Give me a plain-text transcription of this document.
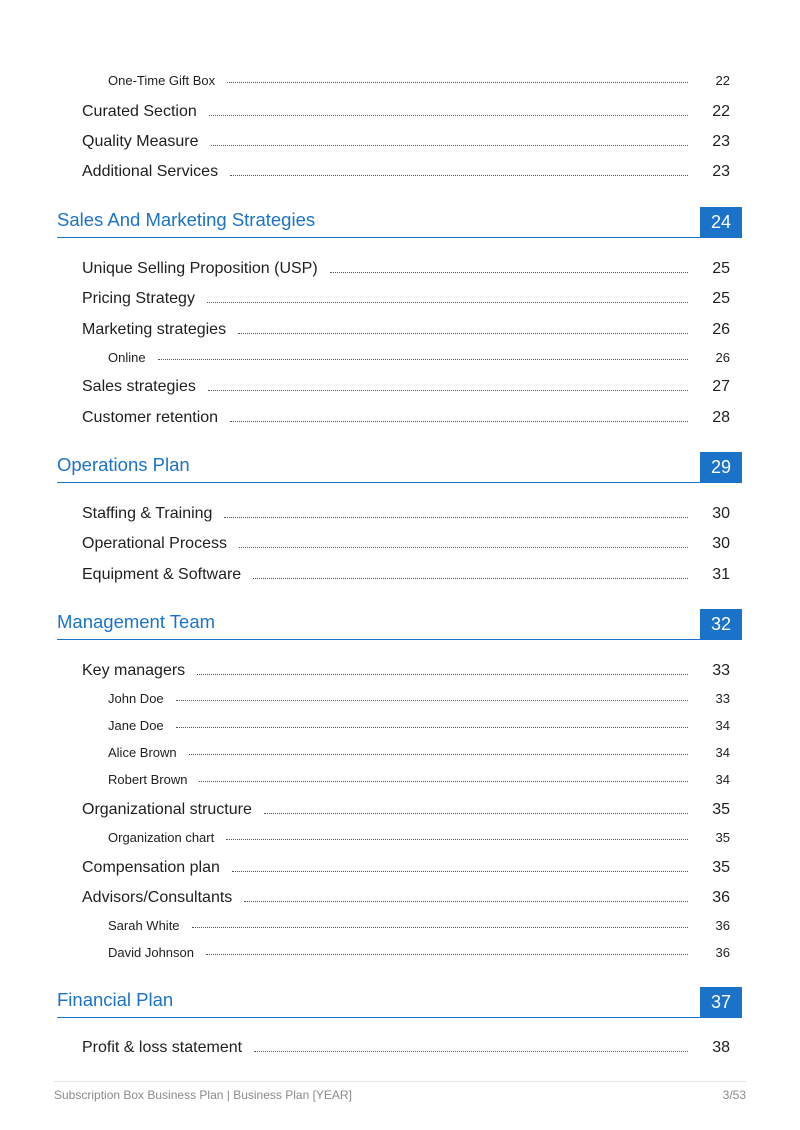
One-Time Gift Box	22
Curated Section	22
Quality Measure	23
Additional Services	23
Sales And Marketing Strategies	24
Unique Selling Proposition (USP)	25
Pricing Strategy	25
Marketing strategies	26
Online	26
Sales strategies	27
Customer retention	28
Operations Plan	29
Staffing & Training	30
Operational Process	30
Equipment & Software	31
Management Team	32
Key managers	33
John Doe	33
Jane Doe	34
Alice Brown	34
Robert Brown	34
Organizational structure	35
Organization chart	35
Compensation plan	35
Advisors/Consultants	36
Sarah White	36
David Johnson	36
Financial Plan	37
Profit & loss statement	38
Subscription Box Business Plan | Business Plan [YEAR]	3/53
